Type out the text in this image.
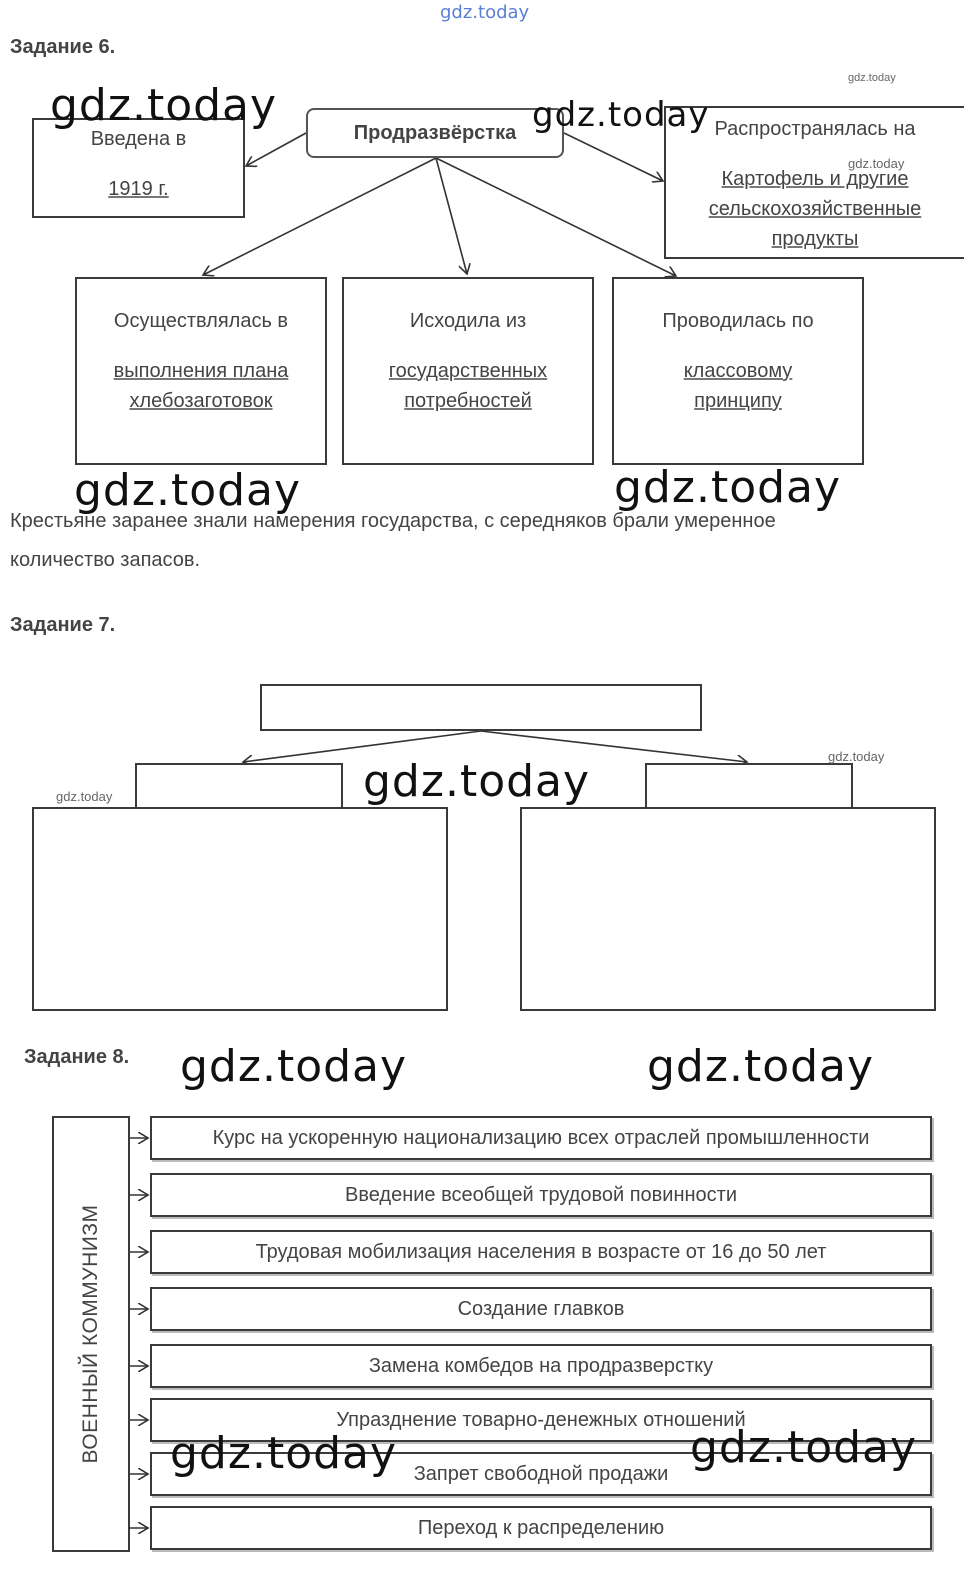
gdz.today
Задание 6.
Продразвёрстка
Введена в
1919 г.
Распространялась на
Картофель и другие
сельскохозяйственные
продукты
Осуществлялась в
выполнения плана
хлебозаготовок
Исходила из
государственных
потребностей
Проводилась по
классовому
принципу
Крестьяне заранее знали намерения государства, с середняков брали умеренное
количество запасов.
Задание 7.
Задание 8.
ВОЕННЫЙ КОММУНИЗМ
Курс на ускоренную национализацию всех отраслей промышленности
Введение всеобщей трудовой повинности
Трудовая мобилизация населения в возрасте от 16 до 50 лет
Создание главков
Замена комбедов на продразверстку
Упразднение товарно-денежных отношений
Запрет свободной продажи
Переход к распределению
gdz.today	gdz.today
gdz.today	gdz.today
gdz.today
gdz.today	gdz.today
gdz.today	gdz.today
gdz.today
gdz.today
gdz.today
gdz.today
